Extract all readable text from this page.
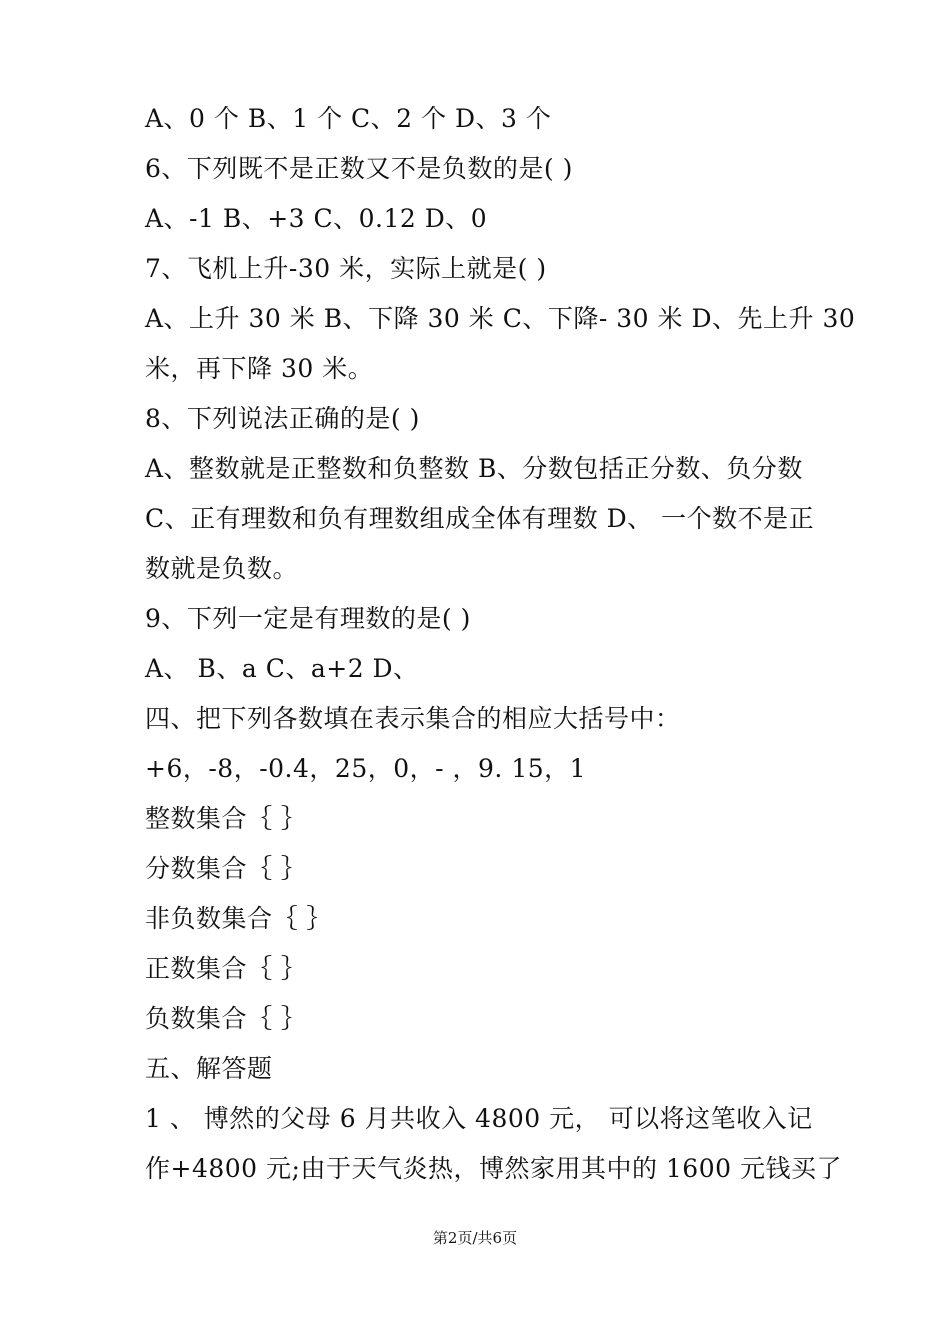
A、0 个 B、1 个 C、2 个 D、3 个
6、下列既不是正数又不是负数的是( )
A、-1 B、+3 C、0.12 D、0
7、飞机上升-30 米，实际上就是( )
A、上升 30 米 B、下降 30 米 C、下降- 30 米 D、先上升 30
米，再下降 30 米。
8、下列说法正确的是( )
A、整数就是正整数和负整数 B、分数包括正分数、负分数
C、正有理数和负有理数组成全体有理数 D、 一个数不是正
数就是负数。
9、下列一定是有理数的是( )
A、 B、a C、a+2 D、
四、把下列各数填在表示集合的相应大括号中：
+6，-8，-0.4，25，0，- ，9. 15，1
整数集合｛ ｝
分数集合｛ ｝
非负数集合｛ ｝
正数集合｛ ｝
负数集合｛ ｝
五、解答题
1 、 博然的父母 6 月共收入 4800 元， 可以将这笔收入记
作+4800 元;由于天气炎热，博然家用其中的 1600 元钱买了
第2页/共6页
